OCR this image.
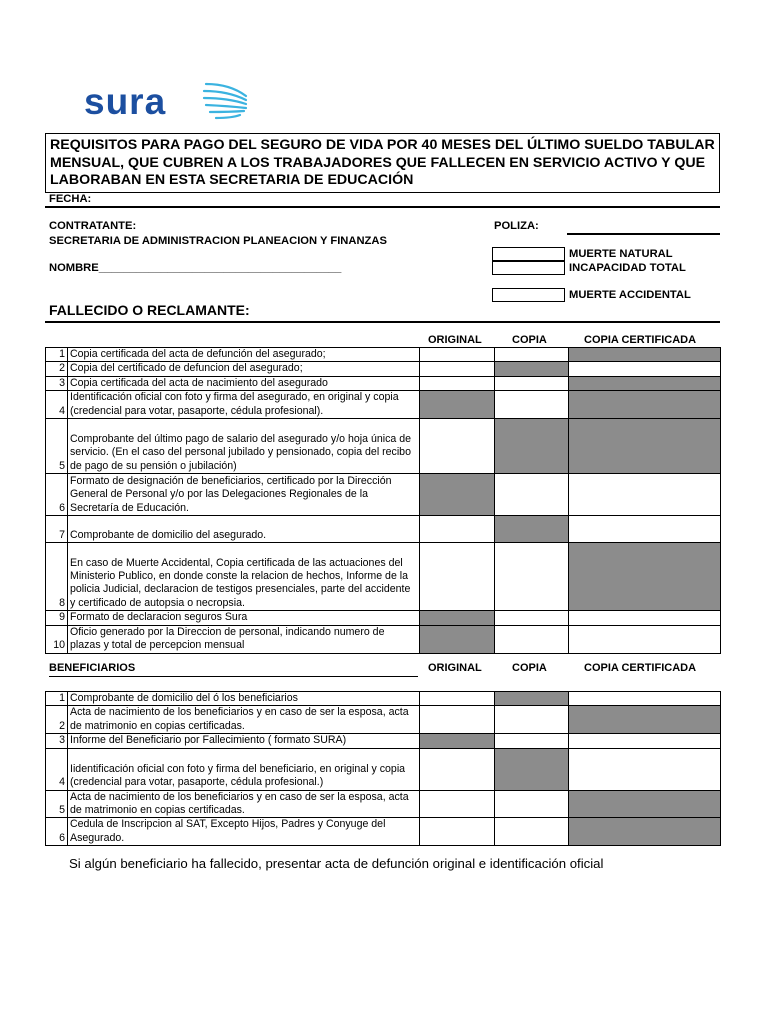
sura
REQUISITOS PARA PAGO DEL SEGURO DE VIDA POR 40 MESES DEL ÚLTIMO SUELDO TABULAR MENSUAL, QUE CUBREN A LOS TRABAJADORES QUE FALLECEN EN SERVICIO ACTIVO Y QUE LABORABAN EN ESTA SECRETARIA DE EDUCACIÓN
FECHA:
CONTRATANTE:
SECRETARIA DE ADMINISTRACION PLANEACION Y FINANZAS
POLIZA:
NOMBRE_______________________________________
MUERTE NATURAL
INCAPACIDAD TOTAL
MUERTE ACCIDENTAL
FALLECIDO O RECLAMANTE:
ORIGINAL	COPIA	COPIA CERTIFICADA
1	Copia certificada del acta de defunción del asegurado;			
2	Copia del certificado de defuncion del asegurado;			
3	Copia certificada del acta de nacimiento del asegurado			
4	Identificación oficial con foto y firma del asegurado, en original y copia (credencial para votar, pasaporte, cédula profesional).			
5	Comprobante del último pago de salario del asegurado y/o hoja única de servicio. (En el caso del personal jubilado y pensionado, copia del recibo de pago de su pensión o jubilación)			
6	Formato de designación de beneficiarios, certificado por la Dirección General de Personal y/o por las Delegaciones Regionales de la Secretaría de Educación.			
7	Comprobante de domicilio del asegurado.			
8	En caso de Muerte Accidental, Copia certificada de las actuaciones del Ministerio Publico, en donde conste la relacion de hechos, Informe de la policia Judicial, declaracion de testigos presenciales, parte del accidente y certificado de autopsia o necropsia.			
9	Formato de declaracion seguros Sura			
10	Oficio generado por la Direccion de personal, indicando numero de plazas y total de percepcion mensual			
BENEFICIARIOS	ORIGINAL	COPIA	COPIA CERTIFICADA
1	Comprobante de domicilio del ó los beneficiarios			
2	Acta de nacimiento de los beneficiarios y en caso de ser la esposa, acta de matrimonio en copias certificadas.			
3	Informe del Beneficiario por Fallecimiento ( formato SURA)			
4	Iidentificación oficial con foto y firma del beneficiario, en original y copia (credencial para votar, pasaporte, cédula profesional.)			
5	Acta de nacimiento de los beneficiarios y en caso de ser la esposa, acta de matrimonio en copias certificadas.			
6	Cedula de Inscripcion al SAT, Excepto Hijos, Padres y Conyuge del Asegurado.			
Si algún beneficiario ha fallecido, presentar acta de defunción original e identificación oficial
